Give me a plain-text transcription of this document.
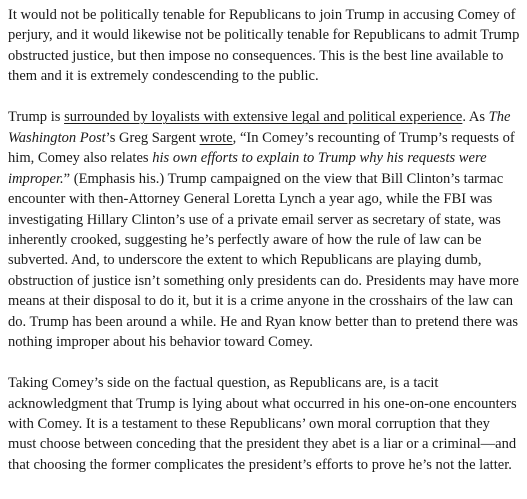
It would not be politically tenable for Republicans to join Trump in accusing Comey of perjury, and it would likewise not be politically tenable for Republicans to admit Trump obstructed justice, but then impose no consequences. This is the best line available to them and it is extremely condescending to the public.

Trump is surrounded by loyalists with extensive legal and political experience. As The Washington Post’s Greg Sargent wrote, “In Comey’s recounting of Trump’s requests of him, Comey also relates his own efforts to explain to Trump why his requests were improper.” (Emphasis his.) Trump campaigned on the view that Bill Clinton’s tarmac encounter with then-Attorney General Loretta Lynch a year ago, while the FBI was investigating Hillary Clinton’s use of a private email server as secretary of state, was inherently crooked, suggesting he’s perfectly aware of how the rule of law can be subverted. And, to underscore the extent to which Republicans are playing dumb, obstruction of justice isn’t something only presidents can do. Presidents may have more means at their disposal to do it, but it is a crime anyone in the crosshairs of the law can do. Trump has been around a while. He and Ryan know better than to pretend there was nothing improper about his behavior toward Comey.

Taking Comey’s side on the factual question, as Republicans are, is a tacit acknowledgment that Trump is lying about what occurred in his one-on-one encounters with Comey. It is a testament to these Republicans’ own moral corruption that they must choose between conceding that the president they abet is a liar or a criminal—and that choosing the former complicates the president’s efforts to prove he’s not the latter.
